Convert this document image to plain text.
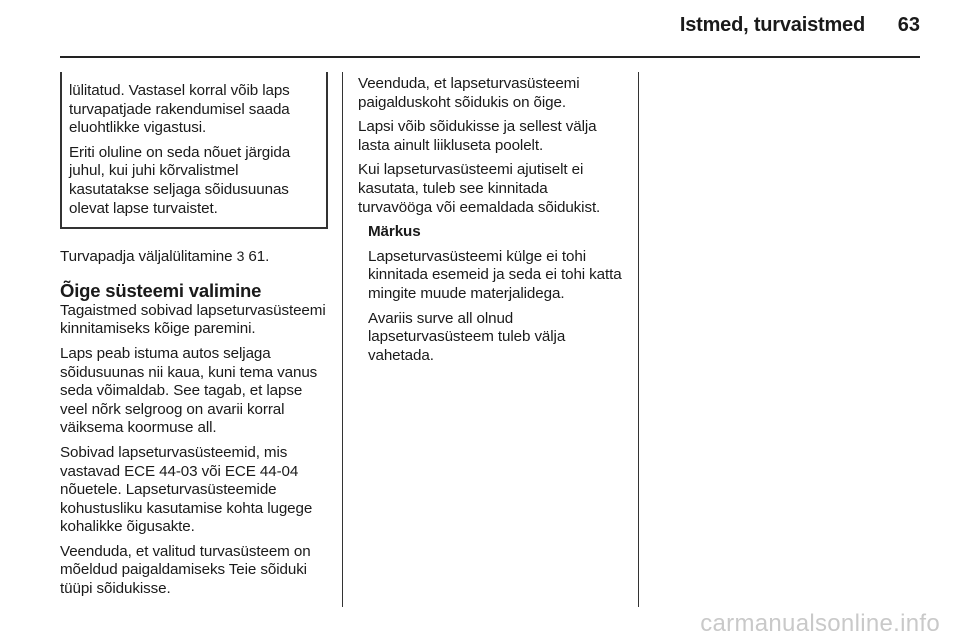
Istmed, turvaistmed	63

lülitatud. Vastasel korral võib laps turvapatjade rakendumisel saada eluohtlikke vigastusi.

Eriti oluline on seda nõuet järgida juhul, kui juhi kõrvalistmel kasutatakse seljaga sõidusuunas olevat lapse turvaistet.

Turvapadja väljalülitamine 3 61.

Õige süsteemi valimine

Tagaistmed sobivad lapseturvasüsteemi kinnitamiseks kõige paremini.

Laps peab istuma autos seljaga sõidusuunas nii kaua, kuni tema vanus seda võimaldab. See tagab, et lapse veel nõrk selgroog on avarii korral väiksema koormuse all.

Sobivad lapseturvasüsteemid, mis vastavad ECE 44-03 või ECE 44-04 nõuetele. Lapseturvasüsteemide kohustusliku kasutamise kohta lugege kohalikke õigusakte.

Veenduda, et valitud turvasüsteem on mõeldud paigaldamiseks Teie sõiduki tüüpi sõidukisse.

Veenduda, et lapseturvasüsteemi paigalduskoht sõidukis on õige.

Lapsi võib sõidukisse ja sellest välja lasta ainult liikluseta poolelt.

Kui lapseturvasüsteemi ajutiselt ei kasutata, tuleb see kinnitada turvavööga või eemaldada sõidukist.

Märkus

Lapseturvasüsteemi külge ei tohi kinnitada esemeid ja seda ei tohi katta mingite muude materjalidega.

Avariis surve all olnud lapseturvasüsteem tuleb välja vahetada.

carmanualsonline.info
